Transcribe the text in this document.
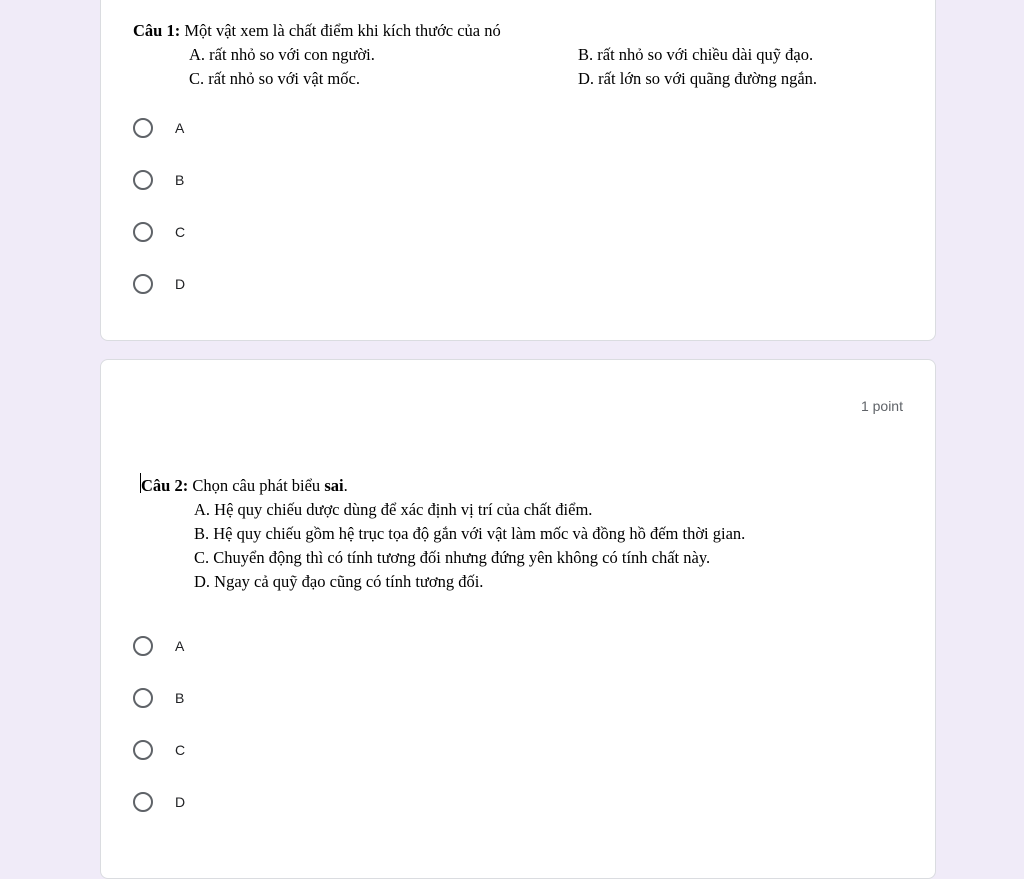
Câu 1: Một vật xem là chất điểm khi kích thước của nó
A. rất nhỏ so với con người.	B. rất nhỏ so với chiều dài quỹ đạo.
C. rất nhỏ so với vật mốc.	D. rất lớn so với quãng đường ngắn.
A
B
C
D
1 point
Câu 2: Chọn câu phát biểu sai.
A. Hệ quy chiếu dược dùng để xác định vị trí của chất điểm.
B. Hệ quy chiếu gồm hệ trục tọa độ gắn với vật làm mốc và đồng hồ đếm thời gian.
C. Chuyển động thì có tính tương đối nhưng đứng yên không có tính chất này.
D. Ngay cả quỹ đạo cũng có tính tương đối.
A
B
C
D
